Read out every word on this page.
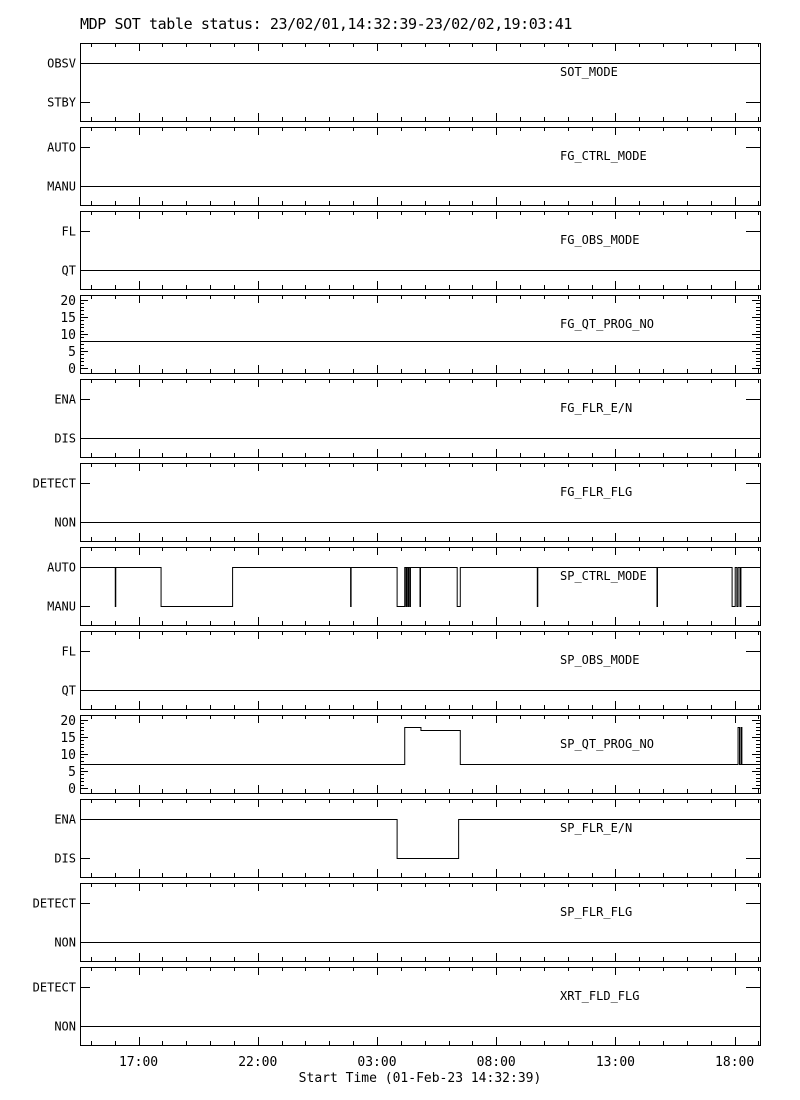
MDP SOT table status: 23/02/01,14:32:39-23/02/02,19:03:41
OBSV
STBY
SOT_MODE
AUTO
MANU
FG_CTRL_MODE
FL
QT
FG_OBS_MODE
20
15
10
5
0
FG_QT_PROG_NO
ENA
DIS
FG_FLR_E/N
DETECT
NON
FG_FLR_FLG
AUTO
MANU
SP_CTRL_MODE
FL
QT
SP_OBS_MODE
20
15
10
5
0
SP_QT_PROG_NO
ENA
DIS
SP_FLR_E/N
DETECT
NON
SP_FLR_FLG
DETECT
NON
XRT_FLD_FLG
17:00	22:00	03:00	08:00	13:00	18:00
Start Time (01-Feb-23 14:32:39)
